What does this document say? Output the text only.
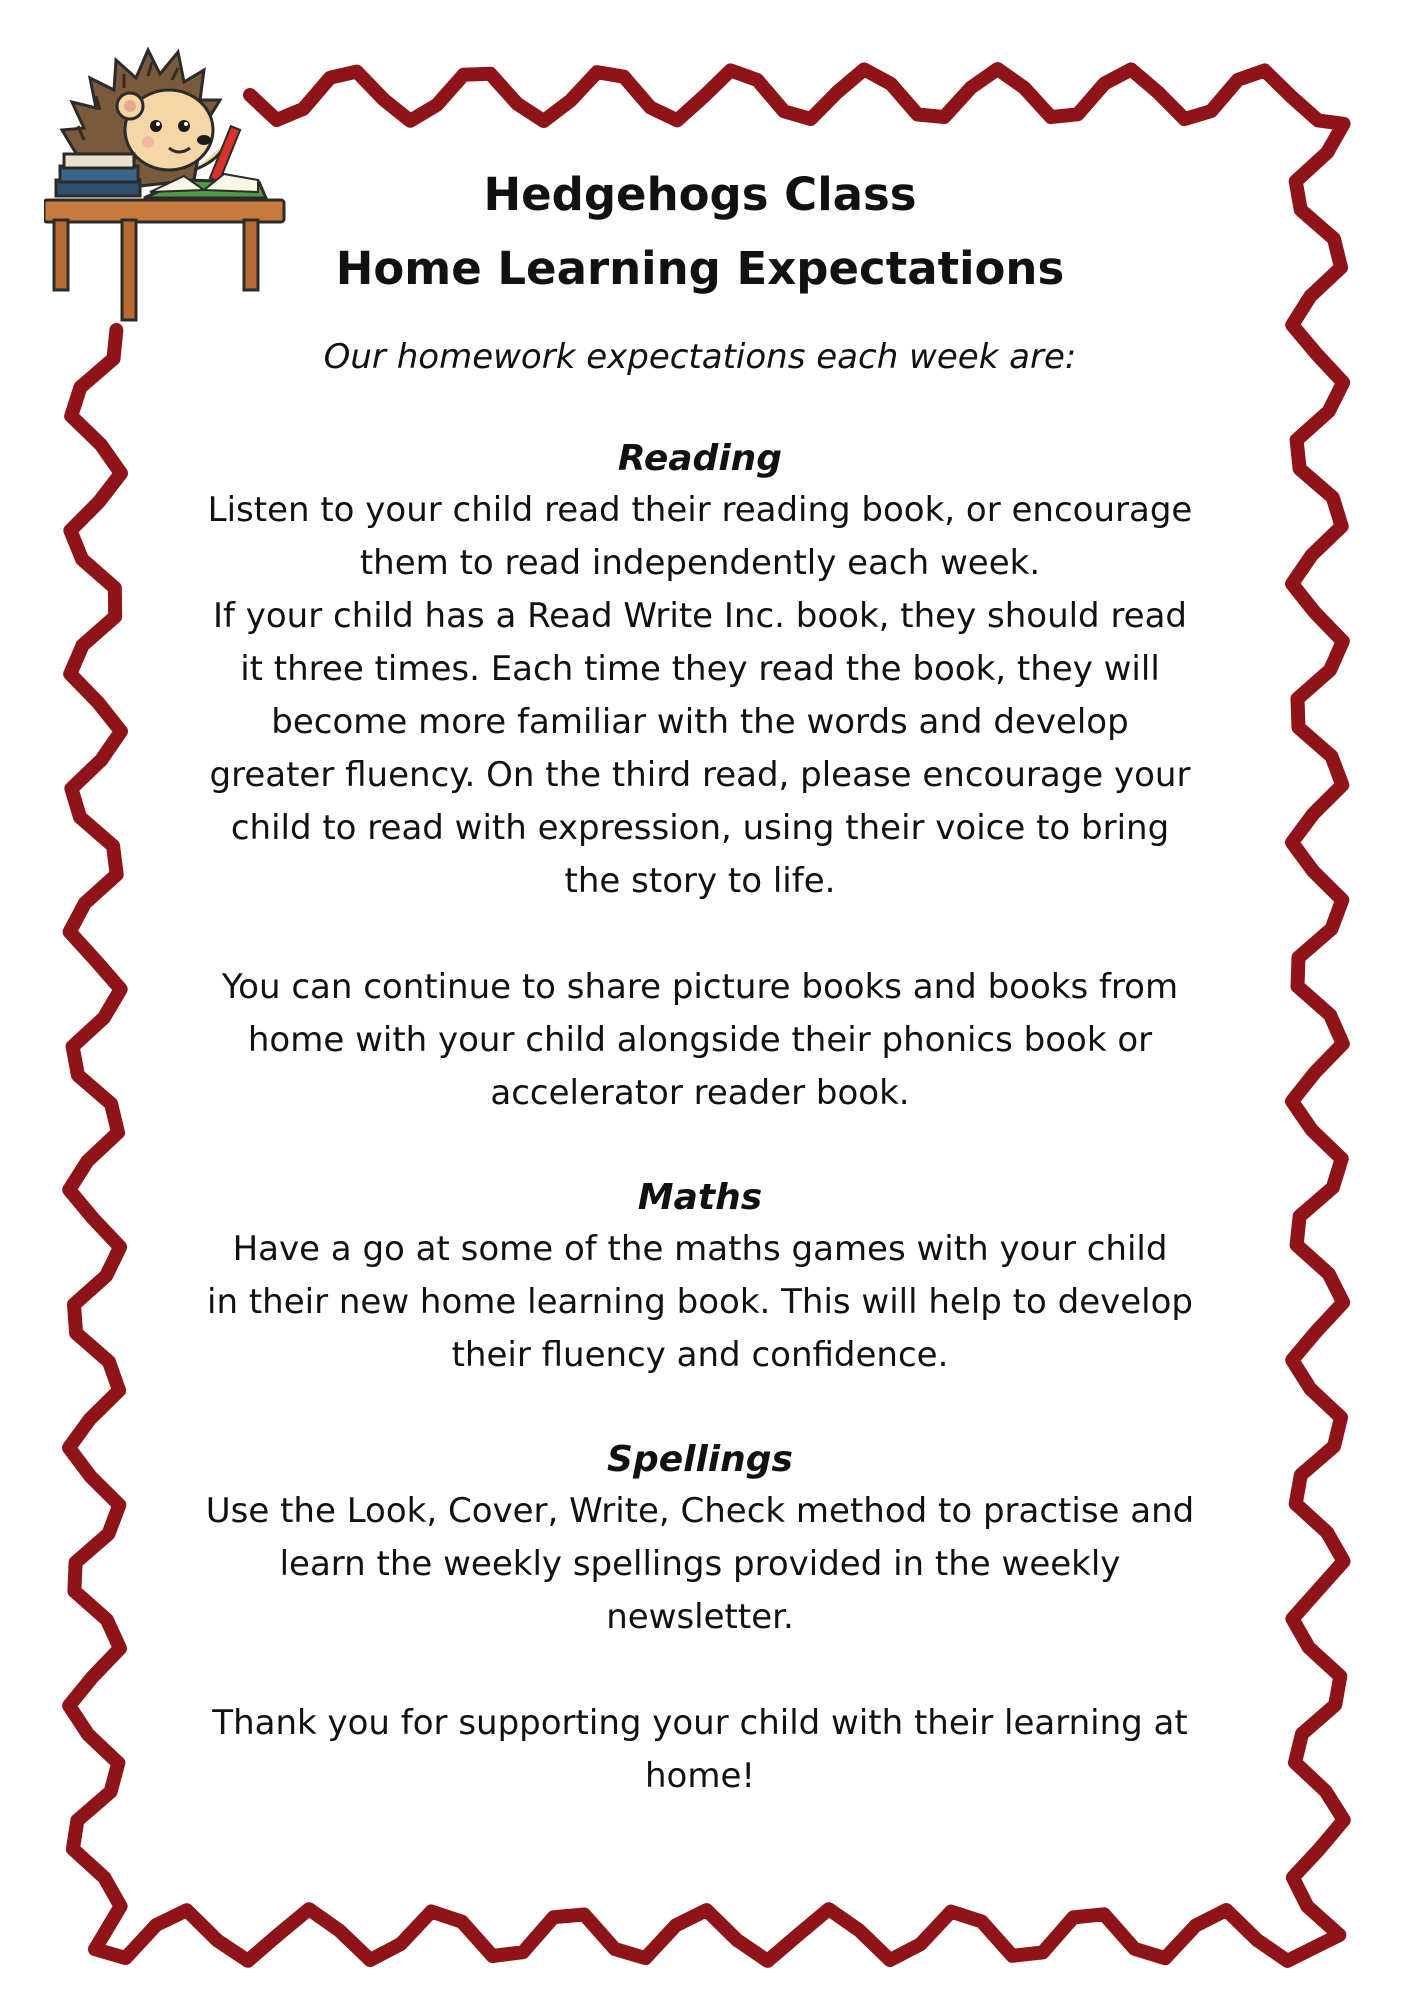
Hedgehogs Class
Home Learning Expectations

Our homework expectations each week are:

Reading
Listen to your child read their reading book, or encourage
them to read independently each week.
If your child has a Read Write Inc. book, they should read
it three times. Each time they read the book, they will
become more familiar with the words and develop
greater fluency. On the third read, please encourage your
child to read with expression, using their voice to bring
the story to life.
You can continue to share picture books and books from
home with your child alongside their phonics book or
accelerator reader book.
Maths
Have a go at some of the maths games with your child
in their new home learning book. This will help to develop
their fluency and confidence.
Spellings
Use the Look, Cover, Write, Check method to practise and
learn the weekly spellings provided in the weekly
newsletter.
Thank you for supporting your child with their learning at
home!
